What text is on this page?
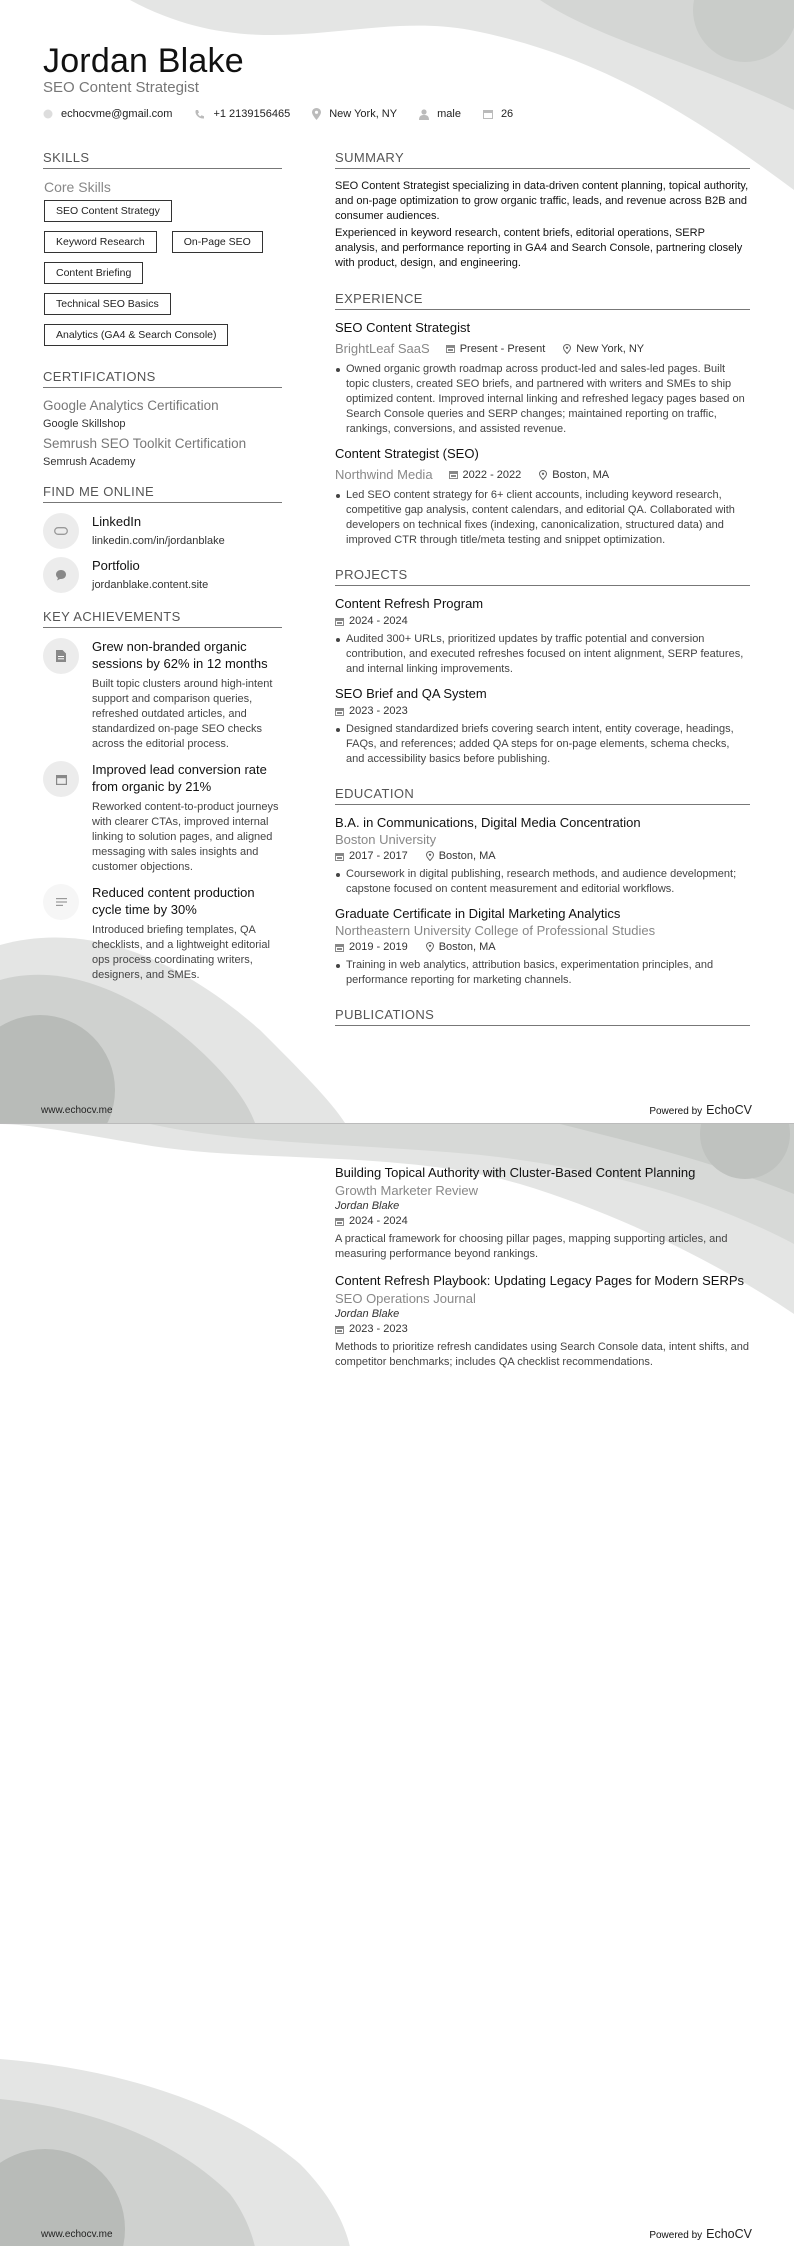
Jordan Blake
SEO Content Strategist
echocvme@gmail.com	+1 2139156465	New York, NY	male	26
SKILLS
Core Skills
SEO Content Strategy
Keyword Research	On-Page SEO
Content Briefing
Technical SEO Basics
Analytics (GA4 & Search Console)
CERTIFICATIONS
Google Analytics Certification
Google Skillshop
Semrush SEO Toolkit Certification
Semrush Academy
FIND ME ONLINE
LinkedIn
linkedin.com/in/jordanblake
Portfolio
jordanblake.content.site
KEY ACHIEVEMENTS
Grew non-branded organic sessions by 62% in 12 months
Built topic clusters around high-intent support and comparison queries, refreshed outdated articles, and standardized on-page SEO checks across the editorial process.
Improved lead conversion rate from organic by 21%
Reworked content-to-product journeys with clearer CTAs, improved internal linking to solution pages, and aligned messaging with sales insights and customer objections.
Reduced content production cycle time by 30%
Introduced briefing templates, QA checklists, and a lightweight editorial ops process coordinating writers, designers, and SMEs.
SUMMARY

SEO Content Strategist specializing in data-driven content planning, topical authority, and on-page optimization to grow organic traffic, leads, and revenue across B2B and consumer audiences.

Experienced in keyword research, content briefs, editorial operations, SERP analysis, and performance reporting in GA4 and Search Console, partnering closely with product, design, and engineering.

EXPERIENCE
SEO Content Strategist
BrightLeaf SaaS	Present - Present	New York, NY
Owned organic growth roadmap across product-led and sales-led pages. Built topic clusters, created SEO briefs, and partnered with writers and SMEs to ship optimized content. Improved internal linking and refreshed legacy pages based on Search Console queries and SERP changes; maintained reporting on traffic, rankings, conversions, and assisted revenue.
Content Strategist (SEO)
Northwind Media	2022 - 2022	Boston, MA
Led SEO content strategy for 6+ client accounts, including keyword research, competitive gap analysis, content calendars, and editorial QA. Collaborated with developers on technical fixes (indexing, canonicalization, structured data) and improved CTR through title/meta testing and snippet optimization.
PROJECTS
Content Refresh Program
2024 - 2024
Audited 300+ URLs, prioritized updates by traffic potential and conversion contribution, and executed refreshes focused on intent alignment, SERP features, and internal linking improvements.
SEO Brief and QA System
2023 - 2023
Designed standardized briefs covering search intent, entity coverage, headings, FAQs, and references; added QA steps for on-page elements, schema checks, and accessibility basics before publishing.
EDUCATION
B.A. in Communications, Digital Media Concentration
Boston University
2017 - 2017	Boston, MA
Coursework in digital publishing, research methods, and audience development; capstone focused on content measurement and editorial workflows.
Graduate Certificate in Digital Marketing Analytics
Northeastern University College of Professional Studies
2019 - 2019	Boston, MA
Training in web analytics, attribution basics, experimentation principles, and performance reporting for marketing channels.
PUBLICATIONS
www.echocv.me	Powered by EchoCV
Building Topical Authority with Cluster-Based Content Planning
Growth Marketer Review
Jordan Blake
2024 - 2024
A practical framework for choosing pillar pages, mapping supporting articles, and measuring performance beyond rankings.
Content Refresh Playbook: Updating Legacy Pages for Modern SERPs
SEO Operations Journal
Jordan Blake
2023 - 2023
Methods to prioritize refresh candidates using Search Console data, intent shifts, and competitor benchmarks; includes QA checklist recommendations.
www.echocv.me	Powered by EchoCV
